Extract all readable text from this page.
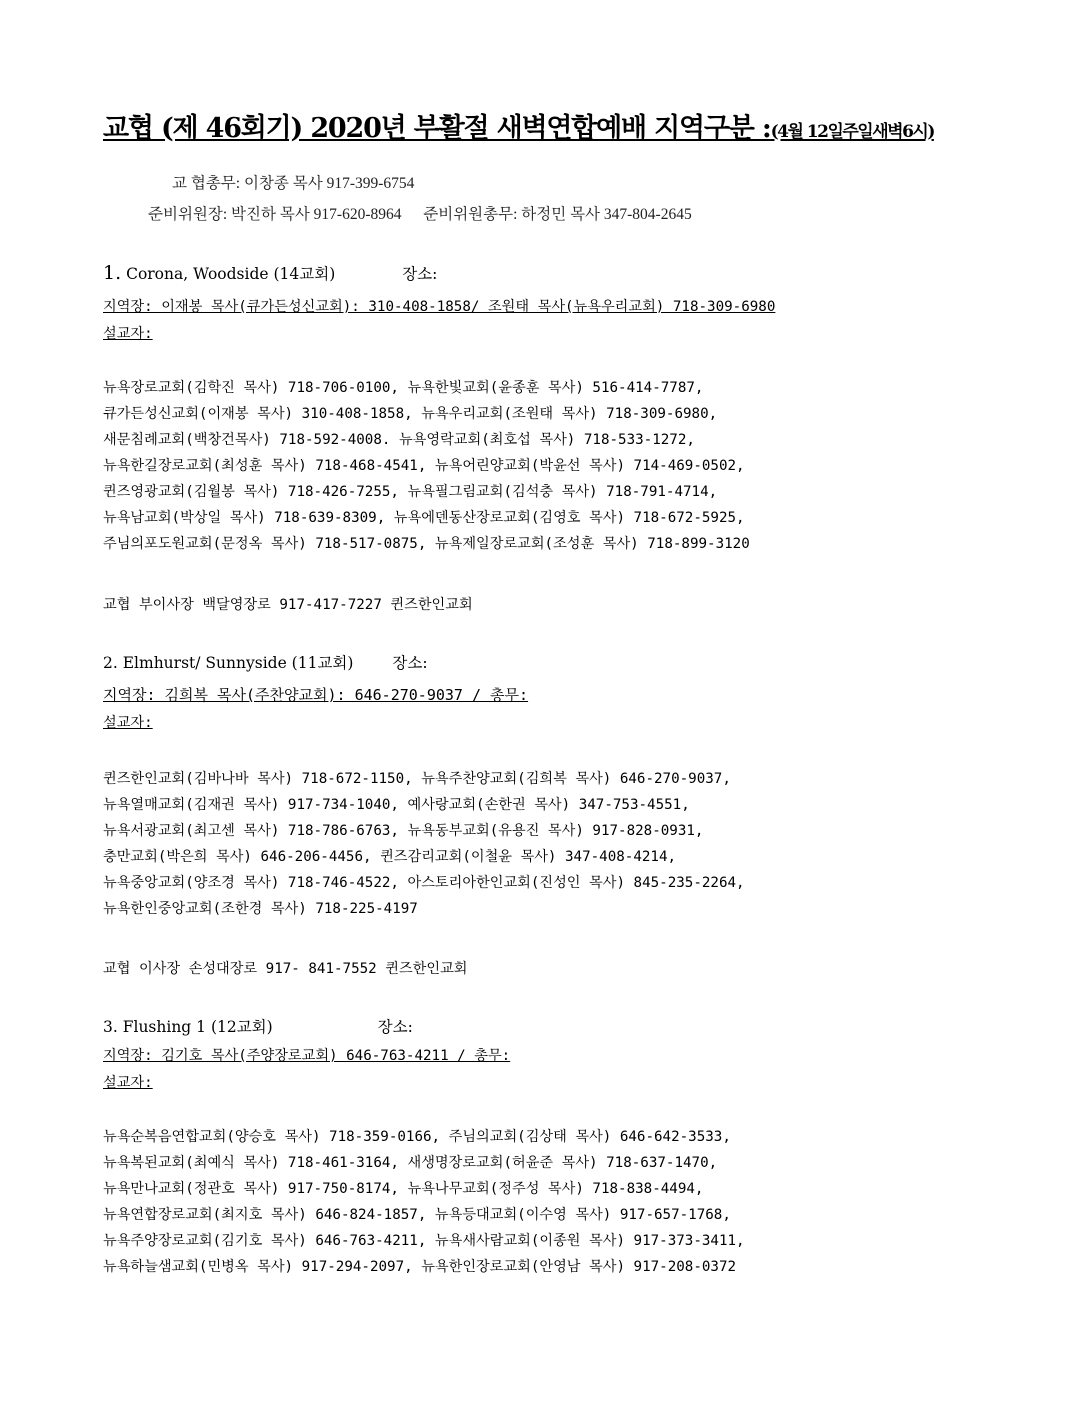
교협 (제 46회기) 2020년 부활절 새벽연합예배 지역구분 :(4월 12일주일새벽6시)
교 협총무: 이창종 목사 917-399-6754
준비위원장: 박진하 목사 917-620-8964 준비위원총무: 하정민 목사 347-804-2645
1. Corona, Woodside (14교회)	장소:
지역장: 이재봉 목사(큐가든성신교회): 310-408-1858/ 조원태 목사(뉴욕우리교회) 718-309-6980
설교자:
뉴욕장로교회(김학진 목사) 718-706-0100, 뉴욕한빛교회(윤종훈 목사) 516-414-7787,
큐가든성신교회(이재봉 목사) 310-408-1858, 뉴욕우리교회(조원태 목사) 718-309-6980,
새문침례교회(백창건목사) 718-592-4008. 뉴욕영락교회(최호섭 목사) 718-533-1272,
뉴욕한길장로교회(최성훈 목사) 718-468-4541, 뉴욕어린양교회(박윤선 목사) 714-469-0502,
퀸즈영광교회(김월봉 목사) 718-426-7255, 뉴욕필그림교회(김석충 목사) 718-791-4714,
뉴욕남교회(박상일 목사) 718-639-8309, 뉴욕에덴동산장로교회(김영호 목사) 718-672-5925,
주님의포도원교회(문정옥 목사) 718-517-0875, 뉴욕제일장로교회(조성훈 목사) 718-899-3120
교협 부이사장 백달영장로 917-417-7227 퀸즈한인교회
2. Elmhurst/ Sunnyside (11교회)	장소:
지역장: 김희복 목사(주찬양교회): 646-270-9037 / 총무:
설교자:
퀸즈한인교회(김바나바 목사) 718-672-1150, 뉴욕주찬양교회(김희복 목사) 646-270-9037,
뉴욕열매교회(김재권 목사) 917-734-1040, 예사랑교회(손한권 목사) 347-753-4551,
뉴욕서광교회(최고센 목사) 718-786-6763, 뉴욕동부교회(유용진 목사) 917-828-0931,
충만교회(박은희 목사) 646-206-4456, 퀸즈감리교회(이철윤 목사) 347-408-4214,
뉴욕중앙교회(양조경 목사) 718-746-4522, 아스토리아한인교회(진성인 목사) 845-235-2264,
뉴욕한인중앙교회(조한경 목사) 718-225-4197
교협 이사장 손성대장로 917- 841-7552 퀸즈한인교회
3. Flushing 1 (12교회)	장소:
지역장: 김기호 목사(주양장로교회) 646-763-4211 / 총무:
설교자:
뉴욕순복음연합교회(양승호 목사) 718-359-0166, 주님의교회(김상태 목사) 646-642-3533,
뉴욕복된교회(최예식 목사) 718-461-3164, 새생명장로교회(허윤준 목사) 718-637-1470,
뉴욕만나교회(정관호 목사) 917-750-8174, 뉴욕나무교회(정주성 목사) 718-838-4494,
뉴욕연합장로교회(최지호 목사) 646-824-1857, 뉴욕등대교회(이수영 목사) 917-657-1768,
뉴욕주양장로교회(김기호 목사) 646-763-4211, 뉴욕새사람교회(이종원 목사) 917-373-3411,
뉴욕하늘샘교회(민병옥 목사) 917-294-2097, 뉴욕한인장로교회(안영남 목사) 917-208-0372
